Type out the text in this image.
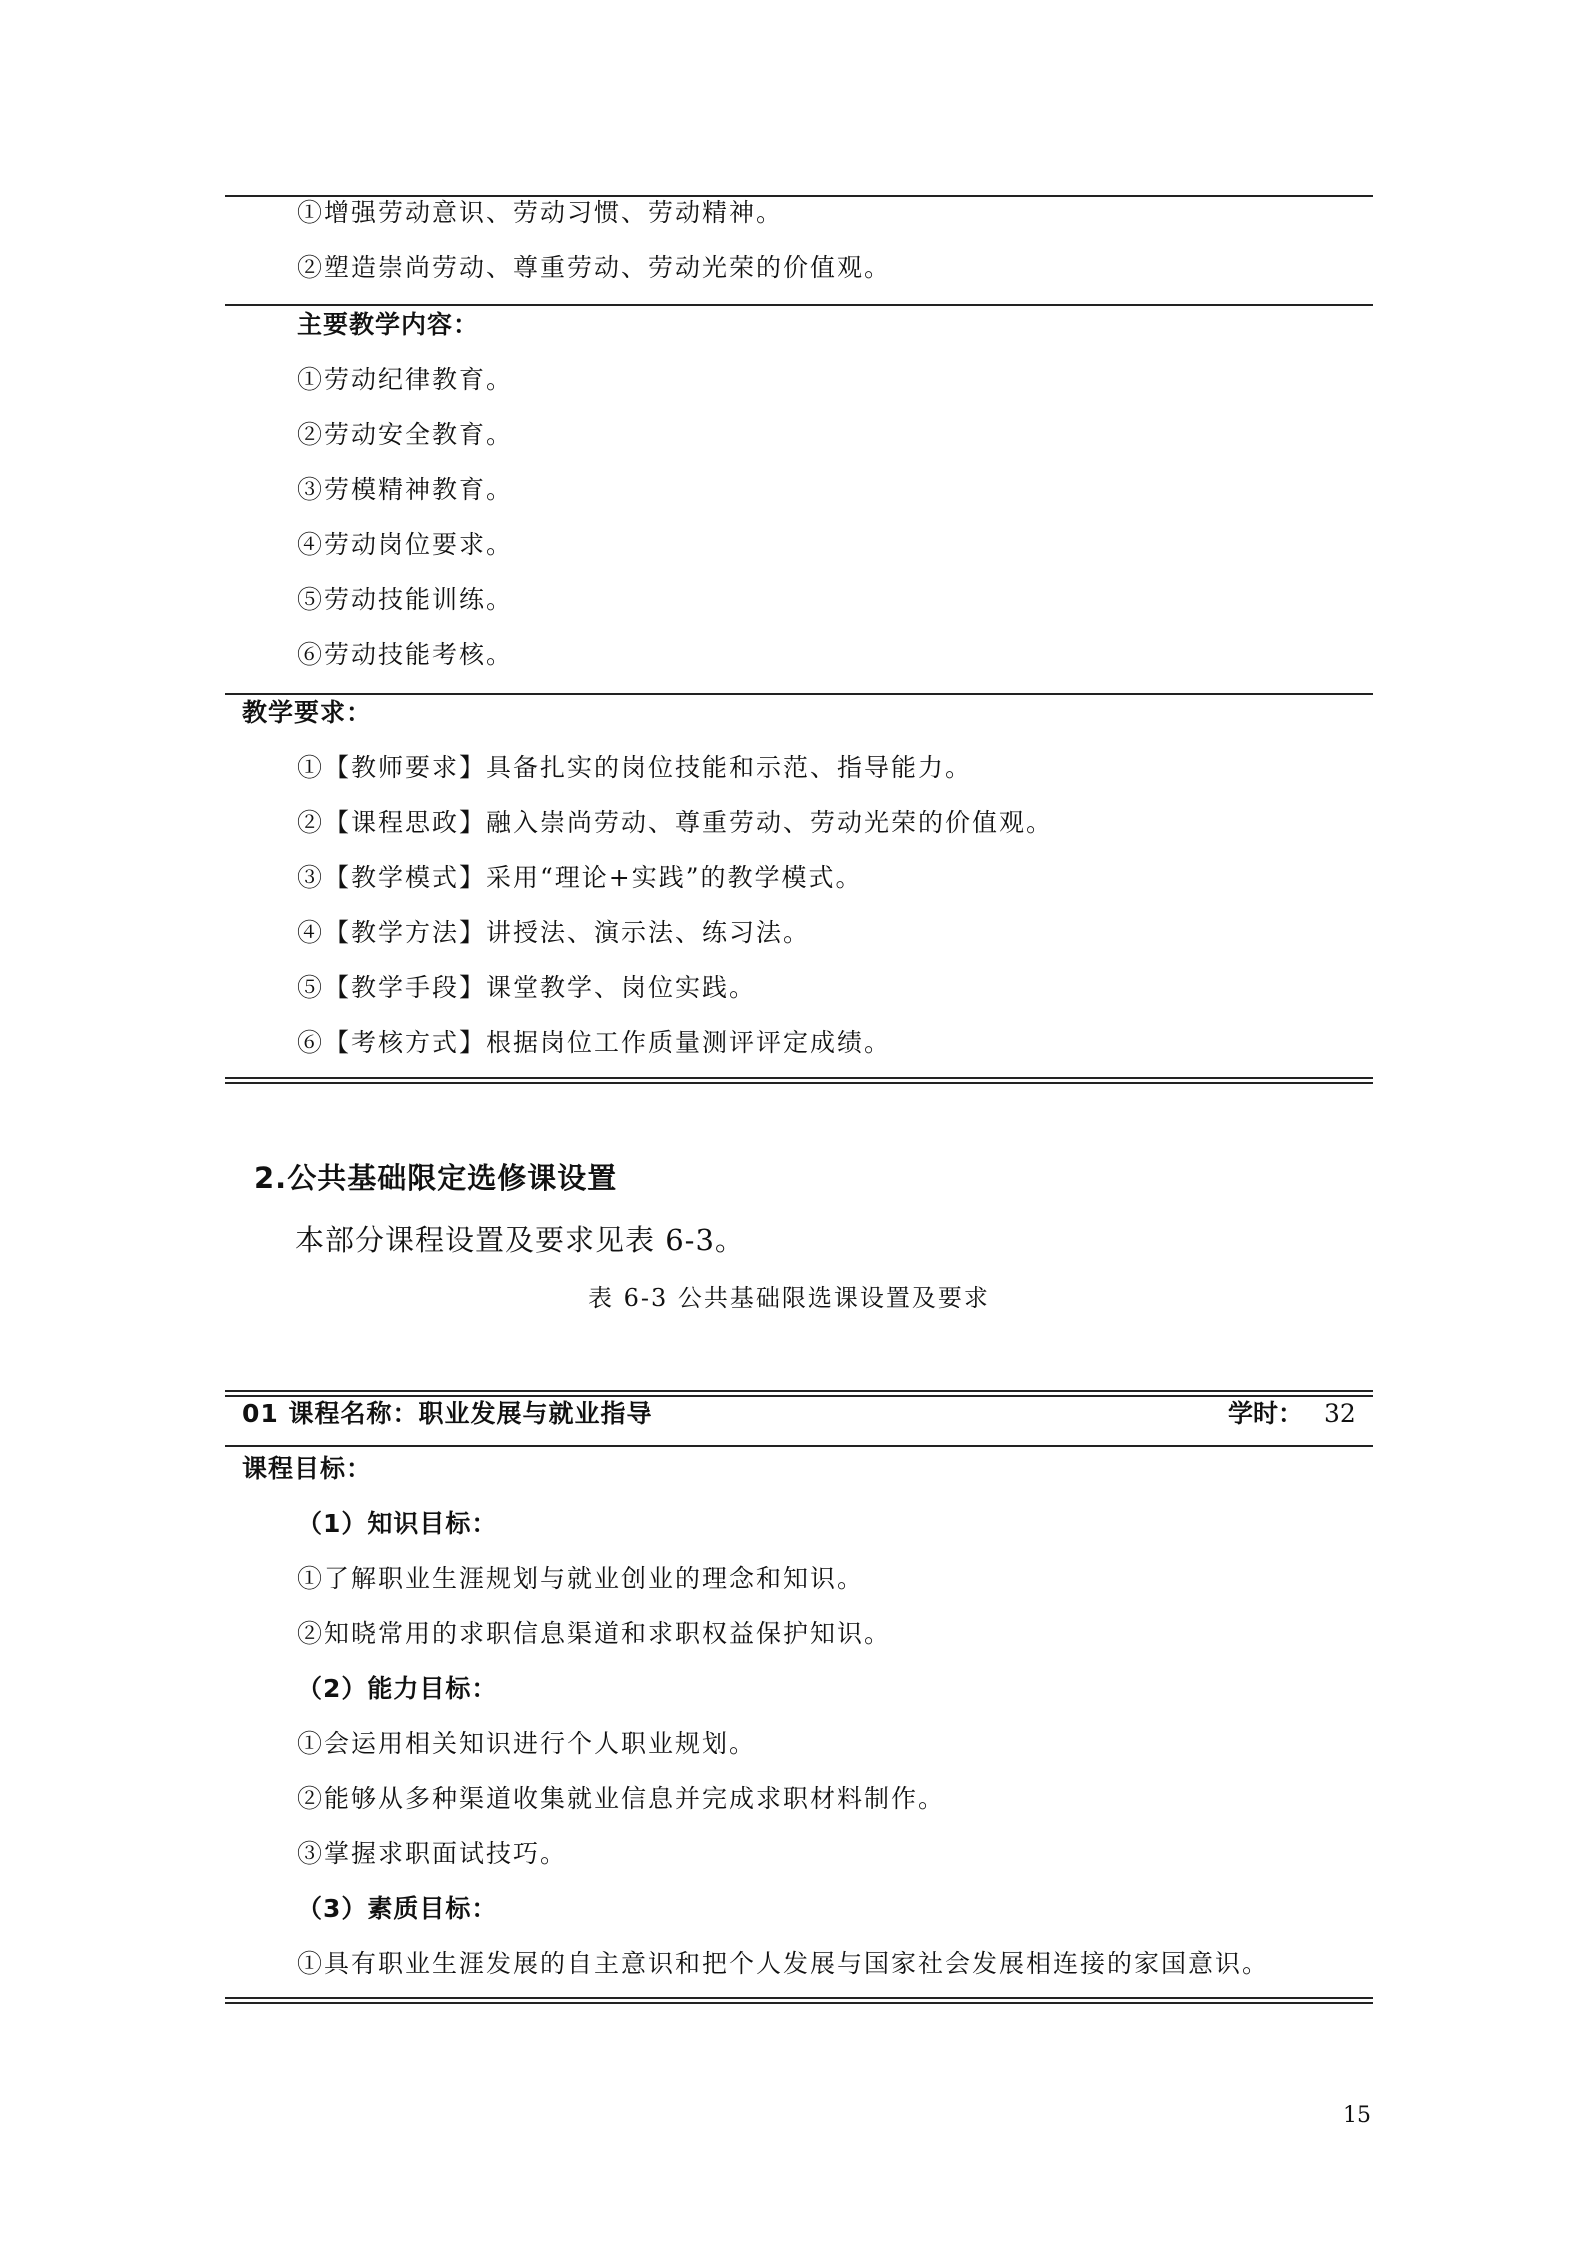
①增强劳动意识、劳动习惯、劳动精神。
②塑造崇尚劳动、尊重劳动、劳动光荣的价值观。
主要教学内容：
①劳动纪律教育。
②劳动安全教育。
③劳模精神教育。
④劳动岗位要求。
⑤劳动技能训练。
⑥劳动技能考核。
教学要求：
①【教师要求】具备扎实的岗位技能和示范、指导能力。
②【课程思政】融入崇尚劳动、尊重劳动、劳动光荣的价值观。
③【教学模式】采用“理论+实践”的教学模式。
④【教学方法】讲授法、演示法、练习法。
⑤【教学手段】课堂教学、岗位实践。
⑥【考核方式】根据岗位工作质量测评评定成绩。
2.公共基础限定选修课设置
本部分课程设置及要求见表 6-3。
表 6-3 公共基础限选课设置及要求
01 课程名称：职业发展与就业指导	学时： 32
课程目标：
（1）知识目标：
①了解职业生涯规划与就业创业的理念和知识。
②知晓常用的求职信息渠道和求职权益保护知识。
（2）能力目标：
①会运用相关知识进行个人职业规划。
②能够从多种渠道收集就业信息并完成求职材料制作。
③掌握求职面试技巧。
（3）素质目标：
①具有职业生涯发展的自主意识和把个人发展与国家社会发展相连接的家国意识。
15
